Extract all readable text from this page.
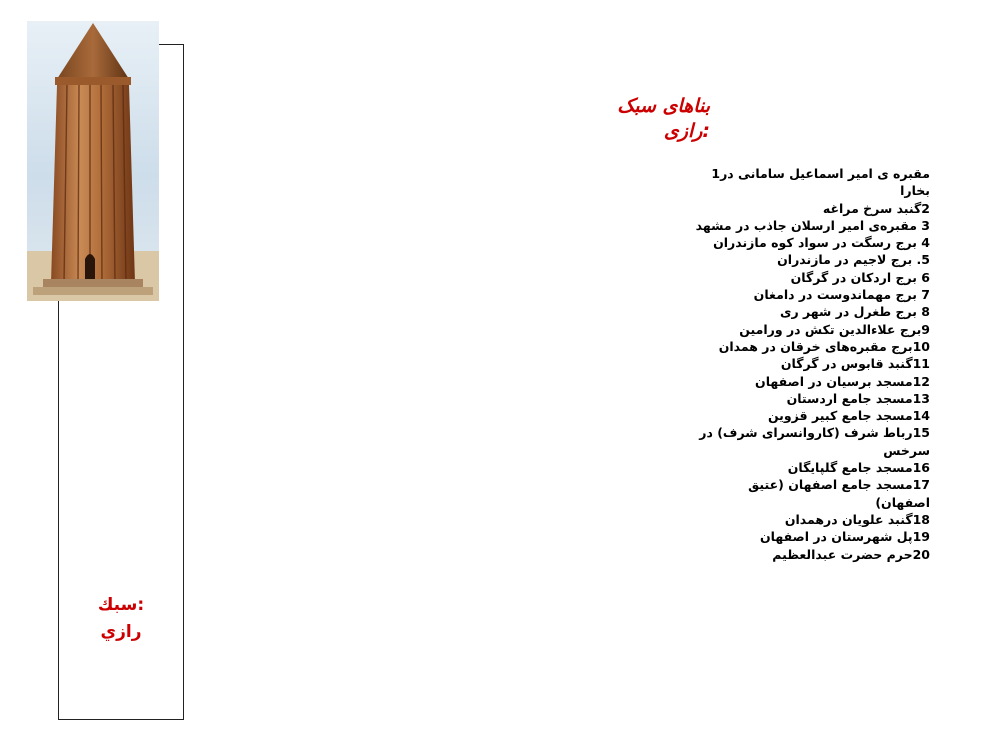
:سبك
رازي
بناهای سبک
:رازی
مقبره ی امیر اسماعیل سامانی در1
بخارا
2گنبد سرخ مراغه
3 مقبره‌ی امیر ارسلان جاذب در مشهد
4 برج رسگت در سواد کوه مازندران
5. برج لاجیم در مازندران
6 برج اردکان در گرگان
7 برج مهماندوست در دامغان
8 برج طغرل در شهر ری
9برج علاءالدین تکش در ورامین
10برج مقبره‌های خرقان در همدان
11گنبد قابوس در گرگان
12مسجد برسیان در اصفهان
13مسجد جامع اردستان
14مسجد جامع کبیر قزوین
15رباط شرف (کاروانسرای شرف) در
سرخس
16مسجد جامع گلپایگان
17مسجد جامع اصفهان (عتیق
اصفهان)
18گنبد علویان درهمدان
19پل شهرستان در اصفهان
20حرم حضرت عبدالعظیم
